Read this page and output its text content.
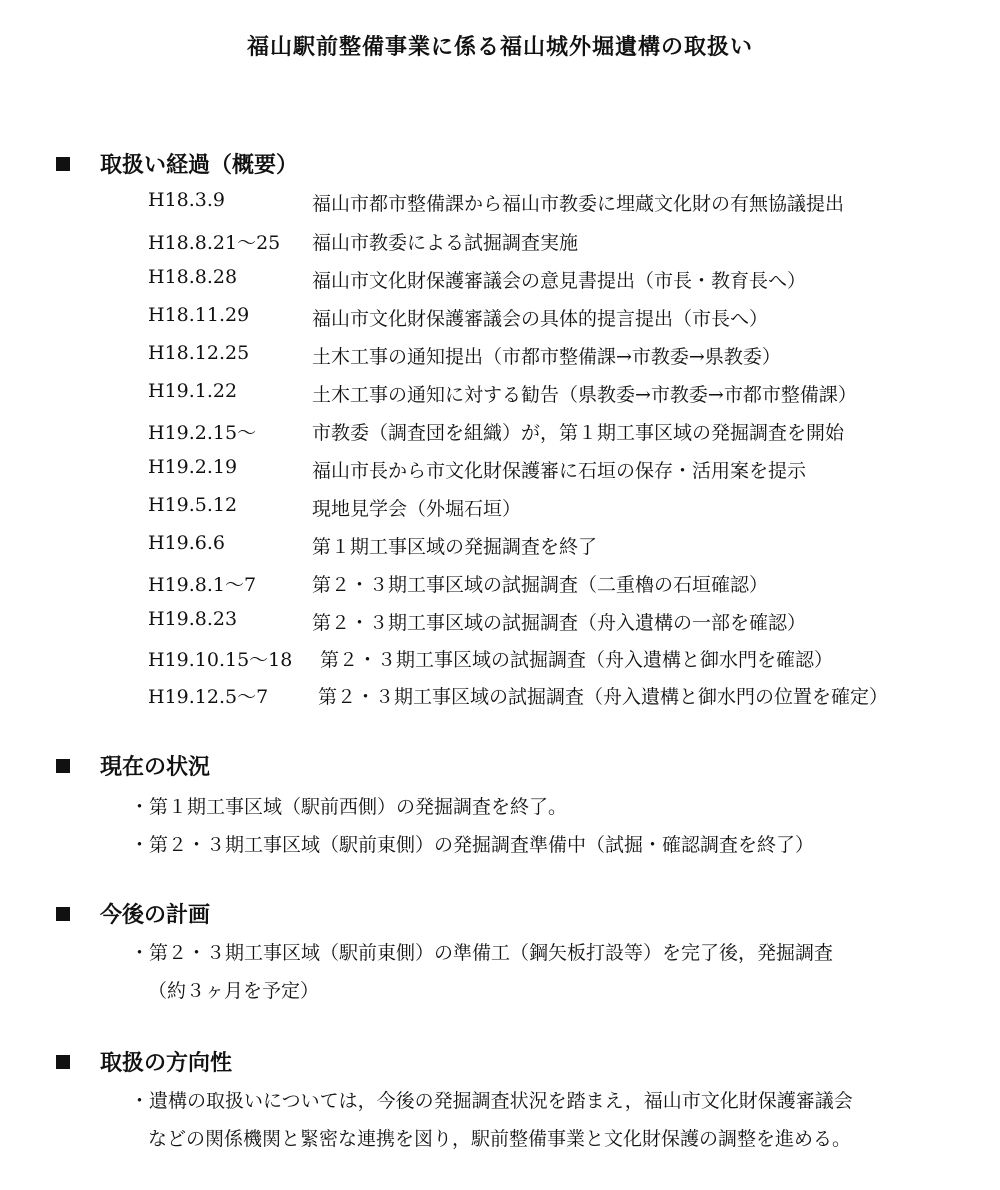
福山駅前整備事業に係る福山城外堀遺構の取扱い
取扱い経過（概要）
H18.3.9	福山市都市整備課から福山市教委に埋蔵文化財の有無協議提出
H18.8.21〜25 福山市教委による試掘調査実施
H18.8.28	福山市文化財保護審議会の意見書提出（市長・教育長へ）
H18.11.29	福山市文化財保護審議会の具体的提言提出（市長へ）
H18.12.25	土木工事の通知提出（市都市整備課→市教委→県教委）
H19.1.22	土木工事の通知に対する勧告（県教委→市教委→市都市整備課）
H19.2.15〜	市教委（調査団を組織）が，第１期工事区域の発掘調査を開始
H19.2.19	福山市長から市文化財保護審に石垣の保存・活用案を提示
H19.5.12	現地見学会（外堀石垣）
H19.6.6	第１期工事区域の発掘調査を終了
H19.8.1〜7	第２・３期工事区域の試掘調査（二重櫓の石垣確認）
H19.8.23	第２・３期工事区域の試掘調査（舟入遺構の一部を確認）
H19.10.15〜18 第２・３期工事区域の試掘調査（舟入遺構と御水門を確認）
H19.12.5〜7	第２・３期工事区域の試掘調査（舟入遺構と御水門の位置を確定）
現在の状況
・第１期工事区域（駅前西側）の発掘調査を終了。
・第２・３期工事区域（駅前東側）の発掘調査準備中（試掘・確認調査を終了）
今後の計画
・第２・３期工事区域（駅前東側）の準備工（鋼矢板打設等）を完了後，発掘調査
（約３ヶ月を予定）
取扱の方向性
・遺構の取扱いについては，今後の発掘調査状況を踏まえ，福山市文化財保護審議会
などの関係機関と緊密な連携を図り，駅前整備事業と文化財保護の調整を進める。
